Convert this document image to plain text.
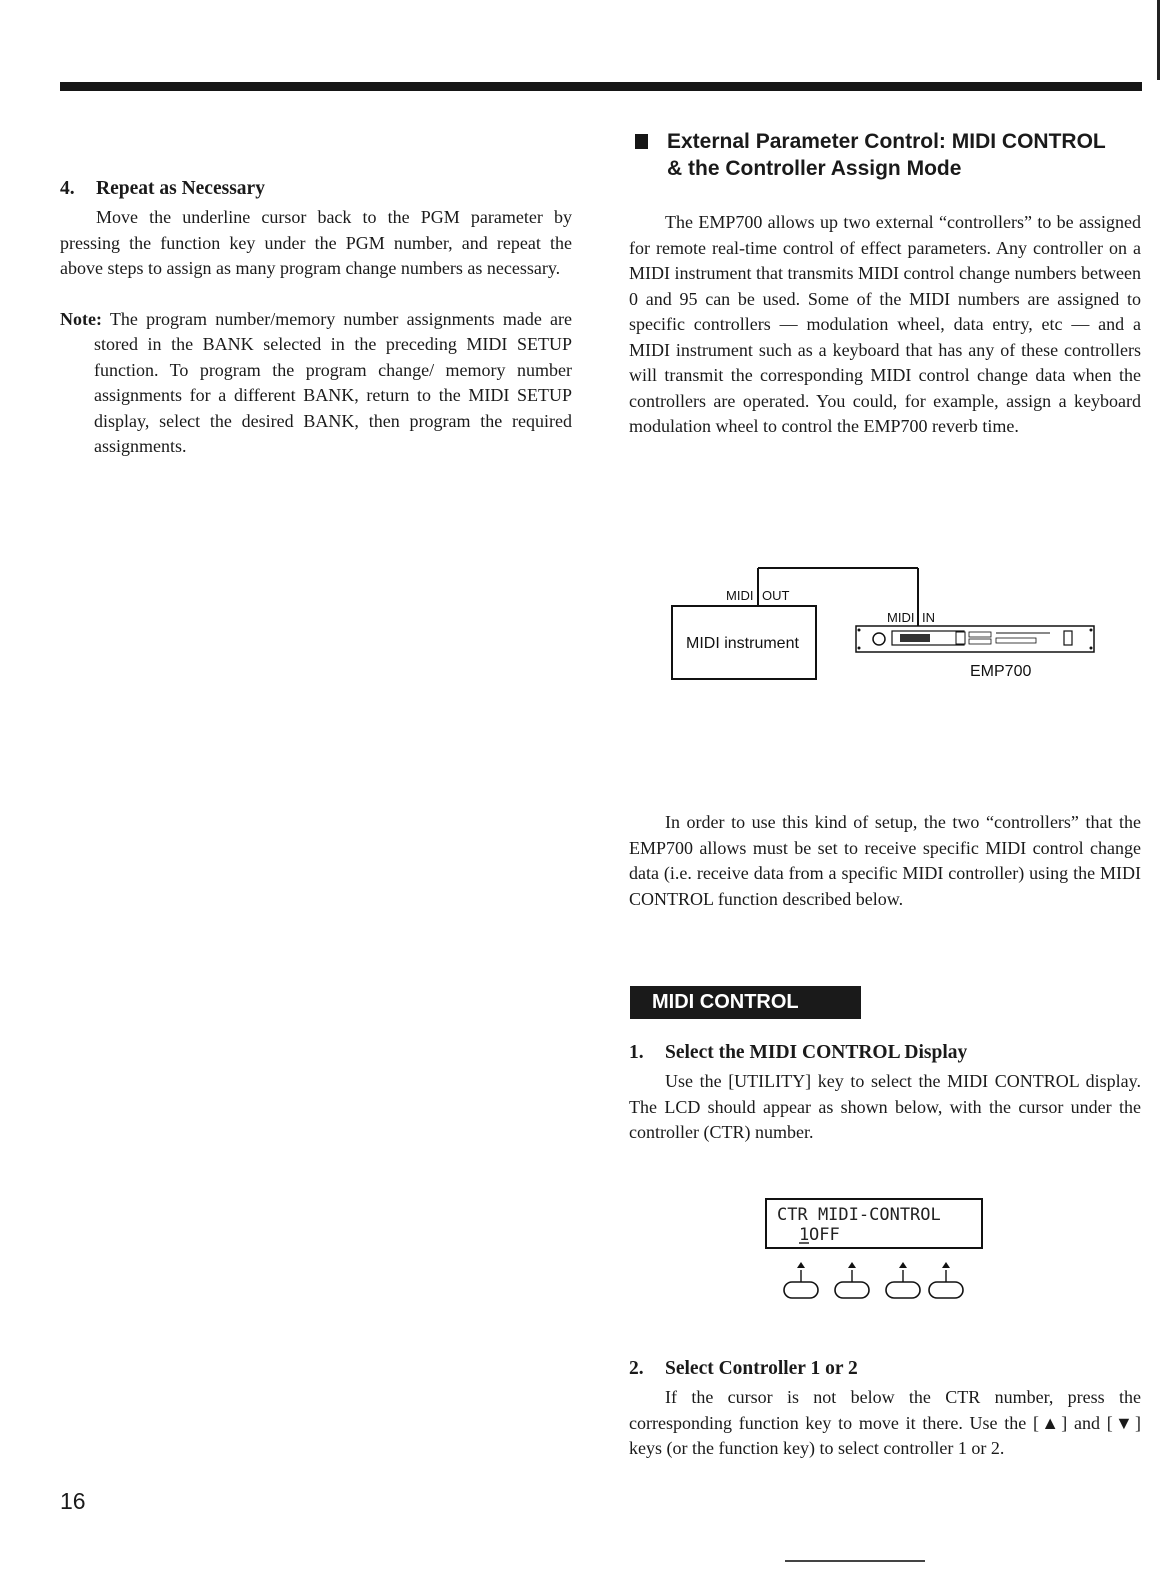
4. Repeat as Necessary

Move the underline cursor back to the PGM parameter by pressing the function key under the PGM number, and repeat the above steps to assign as many program change numbers as necessary.

Note: The program number/memory number assignments made are stored in the BANK selected in the preceding MIDI SETUP function. To program the program change/ memory number assignments for a different BANK, return to the MIDI SETUP display, select the desired BANK, then program the required assignments.

External Parameter Control: MIDI CONTROL
& the Controller Assign Mode

The EMP700 allows up two external “controllers” to be assigned for remote real-time control of effect parameters. Any controller on a MIDI instrument that transmits MIDI control change numbers between 0 and 95 can be used. Some of the MIDI numbers are assigned to specific controllers — modulation wheel, data entry, etc — and a MIDI instrument such as a keyboard that has any of these controllers will transmit the corresponding MIDI control change data when the controllers are operated. You could, for example, assign a keyboard modulation wheel to control the EMP700 reverb time.

MIDI OUT
MIDI instrument
MIDI IN
EMP700

In order to use this kind of setup, the two “controllers” that the EMP700 allows must be set to receive specific MIDI control change data (i.e. receive data from a specific MIDI controller) using the MIDI CONTROL function described below.

MIDI CONTROL
1. Select the MIDI CONTROL Display

Use the [UTILITY] key to select the MIDI CONTROL display. The LCD should appear as shown below, with the cursor under the controller (CTR) number.

CTR MIDI-CONTROL
1 OFF
2. Select Controller 1 or 2

If the cursor is not below the CTR number, press the corresponding function key to move it there. Use the [▲] and [▼] keys (or the function key) to select controller 1 or 2.

16
